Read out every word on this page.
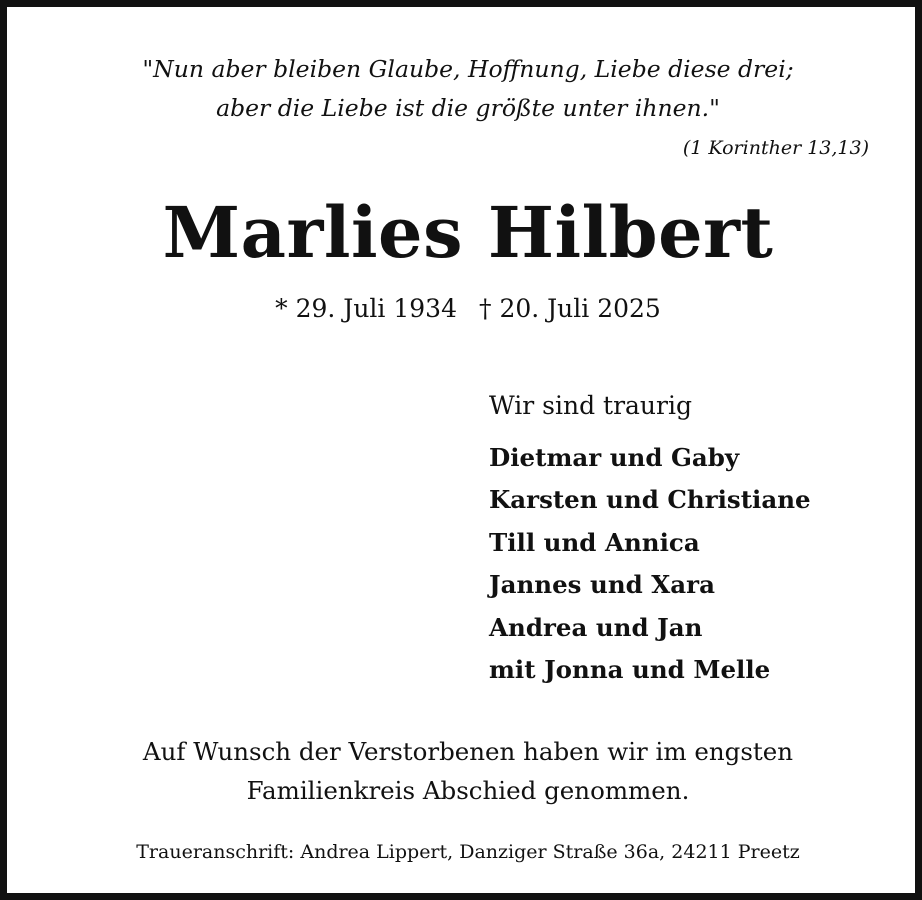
"Nun aber bleiben Glaube, Hoffnung, Liebe diese drei;
aber die Liebe ist die größte unter ihnen."

(1 Korinther 13,13)

Marlies Hilbert

* 29. Juli 1934 † 20. Juli 2025

Wir sind traurig

Dietmar und Gaby
Karsten und Christiane
Till und Annica
Jannes und Xara
Andrea und Jan
mit Jonna und Melle

Auf Wunsch der Verstorbenen haben wir im engsten
Familienkreis Abschied genommen.

Traueranschrift: Andrea Lippert, Danziger Straße 36a, 24211 Preetz
